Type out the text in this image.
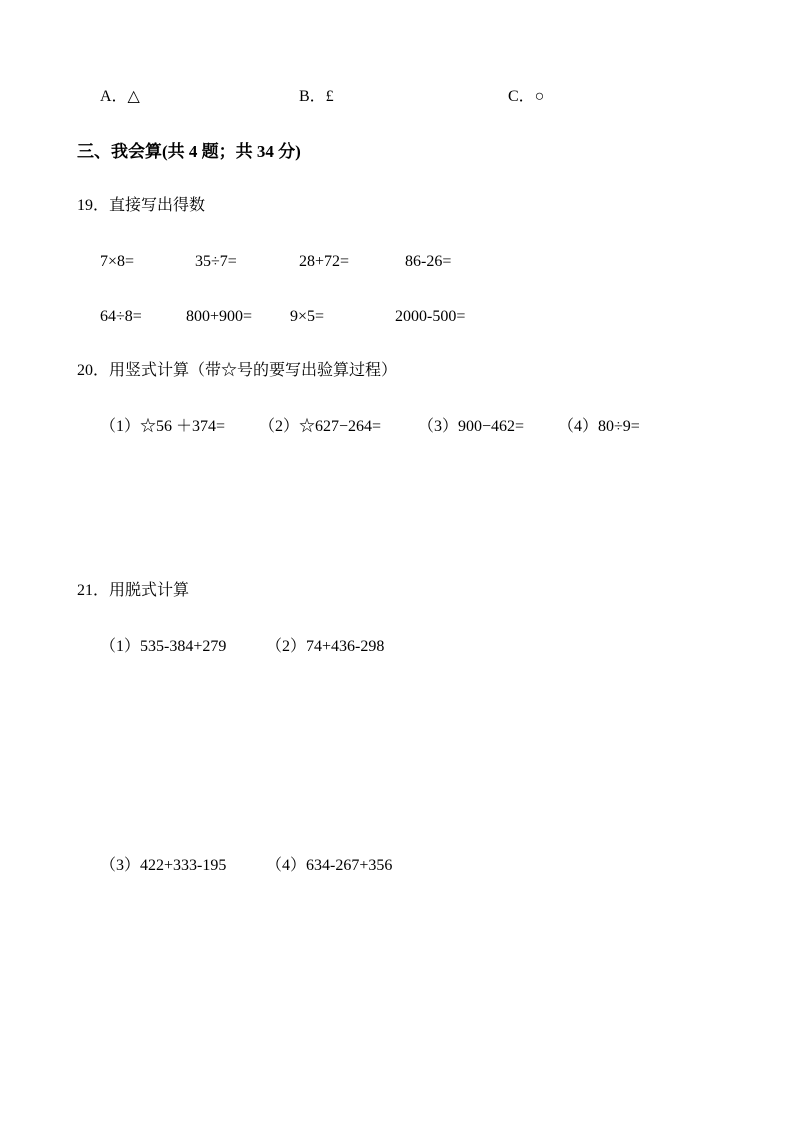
A．△	B．£	C．○
三、我会算(共 4 题；共 34 分)
19．直接写出得数
7×8=	35÷7=	28+72=	86-26=
64÷8=	800+900= 9×5=	2000-500=
20．用竖式计算（带☆号的要写出验算过程）
（1）☆56 ＋374= （2）☆627−264= （3）900−462= （4）80÷9=
21．用脱式计算
（1）535-384+279 （2）74+436-298
（3）422+333-195 （4）634-267+356
